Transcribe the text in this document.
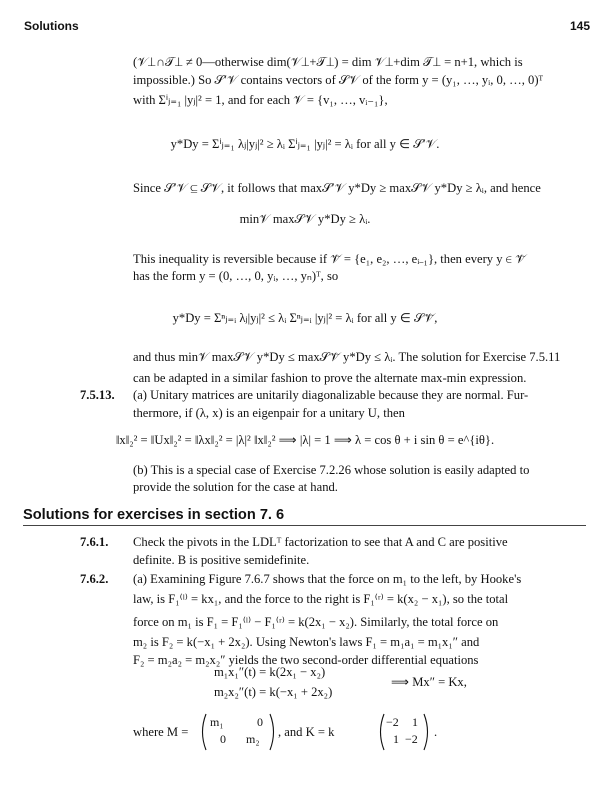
Solutions	145
(𝒱⊥∩𝒯⊥ ≠ 0—otherwise dim(𝒱⊥+𝒯⊥) = dim 𝒱⊥+dim 𝒯⊥ = n+1, which is
impossible.) So 𝒮′𝒱 contains vectors of 𝒮𝒱 of the form y = (y₁, …, yᵢ, 0, …, 0)ᵀ
with Σⁱⱼ₌₁ |yⱼ|² = 1, and for each 𝒱 = {v₁, …, vᵢ₋₁},
y*Dy = Σⁱⱼ₌₁ λⱼ|yⱼ|² ≥ λᵢ Σⁱⱼ₌₁ |yⱼ|² = λᵢ for all y ∈ 𝒮′𝒱.
Since 𝒮′𝒱 ⊆ 𝒮𝒱, it follows that max𝒮′𝒱 y*Dy ≥ max𝒮𝒱 y*Dy ≥ λᵢ, and hence
min𝒱 max𝒮𝒱 y*Dy ≥ λᵢ.
This inequality is reversible because if 𝒱̃ = {e₁, e₂, …, eᵢ₋₁}, then every y ∈ 𝒱̃
has the form y = (0, …, 0, yᵢ, …, yₙ)ᵀ, so
y*Dy = Σⁿⱼ₌ᵢ λⱼ|yⱼ|² ≤ λᵢ Σⁿⱼ₌ᵢ |yⱼ|² = λᵢ for all y ∈ 𝒮𝒱̃,
and thus min𝒱 max𝒮𝒱 y*Dy ≤ max𝒮𝒱̃ y*Dy ≤ λᵢ. The solution for Exercise 7.5.11
can be adapted in a similar fashion to prove the alternate max-min expression.
7.5.13. (a) Unitary matrices are unitarily diagonalizable because they are normal. Fur-
thermore, if (λ, x) is an eigenpair for a unitary U, then
‖x‖₂² = ‖Ux‖₂² = ‖λx‖₂² = |λ|² ‖x‖₂² ⟹ |λ| = 1 ⟹ λ = cos θ + i sin θ = e^{iθ}.
(b) This is a special case of Exercise 7.2.26 whose solution is easily adapted to
provide the solution for the case at hand.
Solutions for exercises in section 7. 6
7.6.1. Check the pivots in the LDLᵀ factorization to see that A and C are positive
definite. B is positive semidefinite.
7.6.2. (a) Examining Figure 7.6.7 shows that the force on m₁ to the left, by Hooke's
law, is F₁⁽ˡ⁾ = kx₁, and the force to the right is F₁⁽ʳ⁾ = k(x₂ − x₁), so the total
force on m₁ is F₁ = F₁⁽ˡ⁾ − F₁⁽ʳ⁾ = k(2x₁ − x₂). Similarly, the total force on
m₂ is F₂ = k(−x₁ + 2x₂). Using Newton's laws F₁ = m₁a₁ = m₁x₁″ and
F₂ = m₂a₂ = m₂x₂″ yields the two second-order differential equations
m₁x₁″(t) = k(2x₁ − x₂)
m₂x₂″(t) = k(−x₁ + 2x₂)
⟹ Mx″ = Kx,
where M =
m₁	0
0 m₂ , and K = k
−2 1
1 −2 .
